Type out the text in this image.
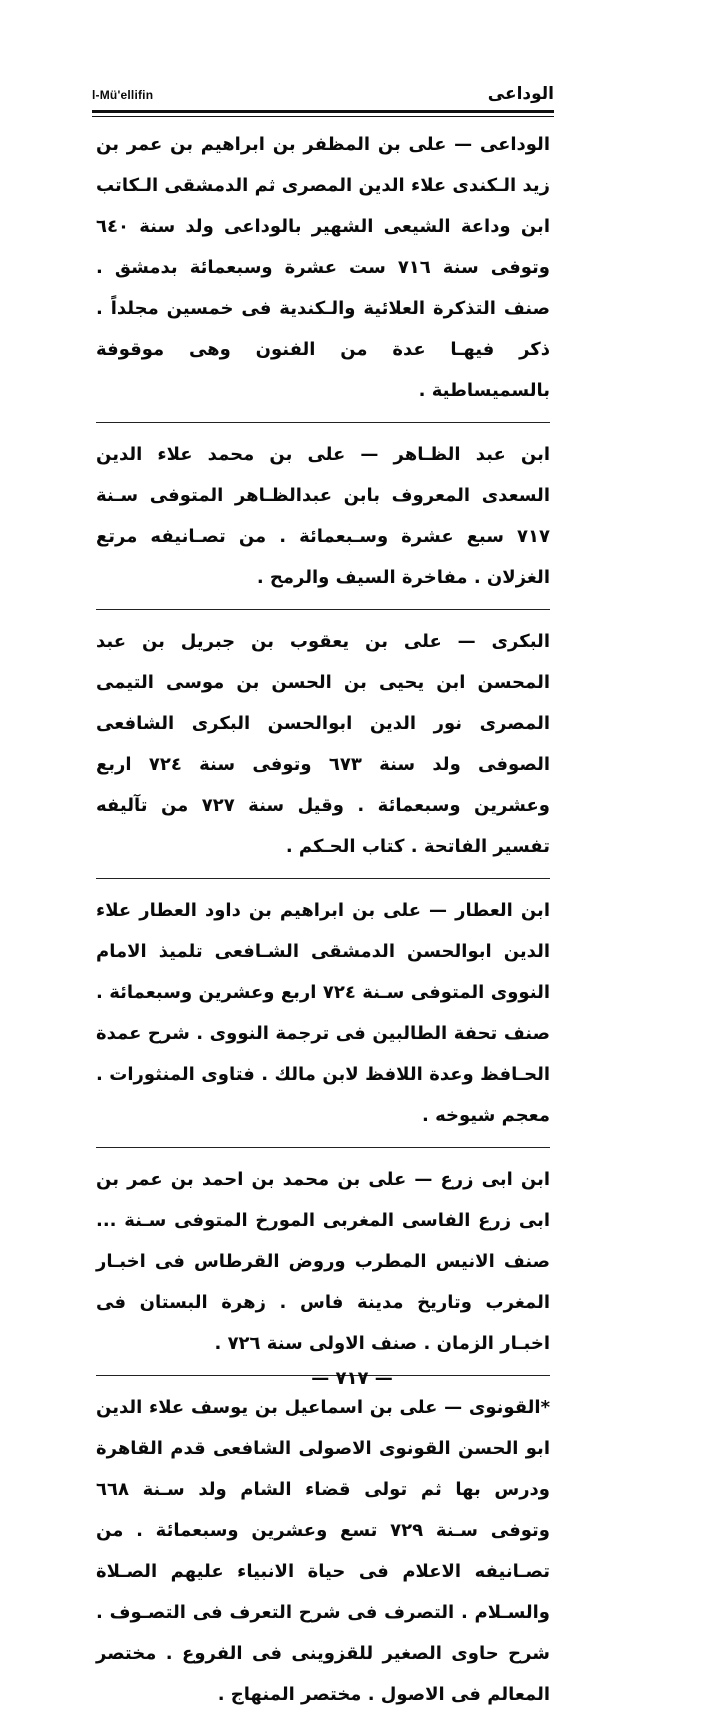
l-Mü'ellifin	الوداعی

الوداعی — علی بن المظفر بن ابراهیم بن عمر بن زید الـكندی علاء الدین المصری ثم الدمشقی الـكاتب ابن وداعة الشیعی الشهیر بالوداعی ولد سنة ٦٤٠ وتوفی سنة ٧١٦ ست عشرة وسبعمائة بدمشق . صنف التذكرة العلائیة والـكندیة فی خمسین مجلداً . ذكر فیهـا عدة من الفنون وهی موقوفة بالسمیساطیة .

ابن عبد الظـاهر — علی بن محمد علاء الدین السعدی المعروف بابن عبدالظـاهر المتوفی سـنة ٧١٧ سبع عشرة وسـبعمائة . من تصـانیفه مرتع الغزلان . مفاخرة السیف والرمح .

البكری — علی بن یعقوب بن جبریل بن عبد المحسن ابن یحیی بن الحسن بن موسی التیمی المصری نور الدین ابوالحسن البكری الشافعی الصوفی ولد سنة ٦٧٣ وتوفی سنة ٧٢٤ اربع وعشرین وسبعمائة . وقیل سنة ٧٢٧ من تآلیفه تفسیر الفاتحة . كتاب الحـكم .

ابن العطار — علی بن ابراهیم بن داود العطار علاء الدین ابوالحسن الدمشقی الشـافعی تلمیذ الامام النووی المتوفی سـنة ٧٢٤ اربع وعشرین وسبعمائة . صنف تحفة الطالبین فی ترجمة النووی . شرح عمدة الحـافظ وعدة اللافظ لابن مالك . فتاوی المنثورات . معجم شیوخه .

ابن ابی زرع — علی بن محمد بن احمد بن عمر بن ابی زرع الفاسی المغربی المورخ المتوفی سـنة ... صنف الانیس المطرب وروض القرطاس فی اخبـار المغرب وتاریخ مدینة فاس . زهرة البستان فی اخبـار الزمان . صنف الاولی سنة ٧٢٦ .

*القونوی — علی بن اسماعیل بن یوسف علاء الدین ابو الحسن القونوی الاصولی الشافعی قدم القاهرة ودرس بها ثم تولی قضاء الشام ولد سـنة ٦٦٨ وتوفی سـنة ٧٢٩ تسع وعشرین وسبعمائة . من تصـانیفه الاعلام فی حیاة الانبیاء علیهم الصـلاة والسـلام . التصرف فی شرح التعرف فی التصـوف . شرح حاوی الصغیر للقزوینی فی الفروع . مختصر المعالم فی الاصول . مختصر المنهاج .

— ٧١٧ —
